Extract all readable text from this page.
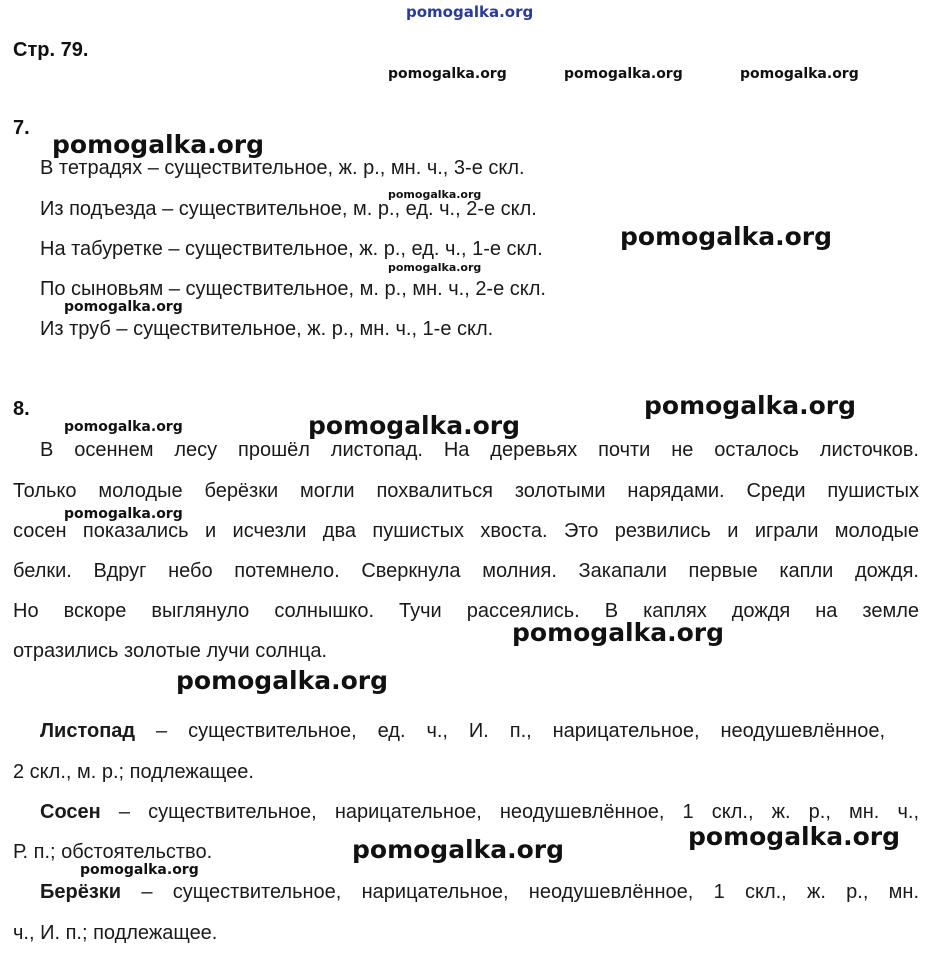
pomogalka.org
Стр. 79.
pomogalka.org	pomogalka.org	pomogalka.org
7.
pomogalka.org
В тетрадях – существительное, ж. р., мн. ч., 3-е скл.
pomogalka.org
Из подъезда – существительное, м. р., ед. ч., 2-е скл.
На табуретке – существительное, ж. р., ед. ч., 1-е скл.	pomogalka.org
pomogalka.org
По сыновьям – существительное, м. р., мн. ч., 2-е скл.
pomogalka.org
Из труб – существительное, ж. р., мн. ч., 1-е скл.
8.	pomogalka.org
pomogalka.org	pomogalka.org
В осеннем лесу прошёл листопад. На деревьях почти не осталось листочков.
Только молодые берёзки могли похвалиться золотыми нарядами. Среди пушистых
pomogalka.org
сосен показались и исчезли два пушистых хвоста. Это резвились и играли молодые
белки. Вдруг небо потемнело. Сверкнула молния. Закапали первые капли дождя.
Но вскоре выглянуло солнышко. Тучи рассеялись. В каплях дождя на земле
pomogalka.org
отразились золотые лучи солнца.
pomogalka.org
Листопад – существительное, ед. ч., И. п., нарицательное, неодушевлённое,
2 скл., м. р.; подлежащее.
Сосен – существительное, нарицательное, неодушевлённое, 1 скл., ж. р., мн. ч.,
pomogalka.org
Р. п.; обстоятельство.	pomogalka.org
pomogalka.org
Берёзки – существительное, нарицательное, неодушевлённое, 1 скл., ж. р., мн.
ч., И. п.; подлежащее.
